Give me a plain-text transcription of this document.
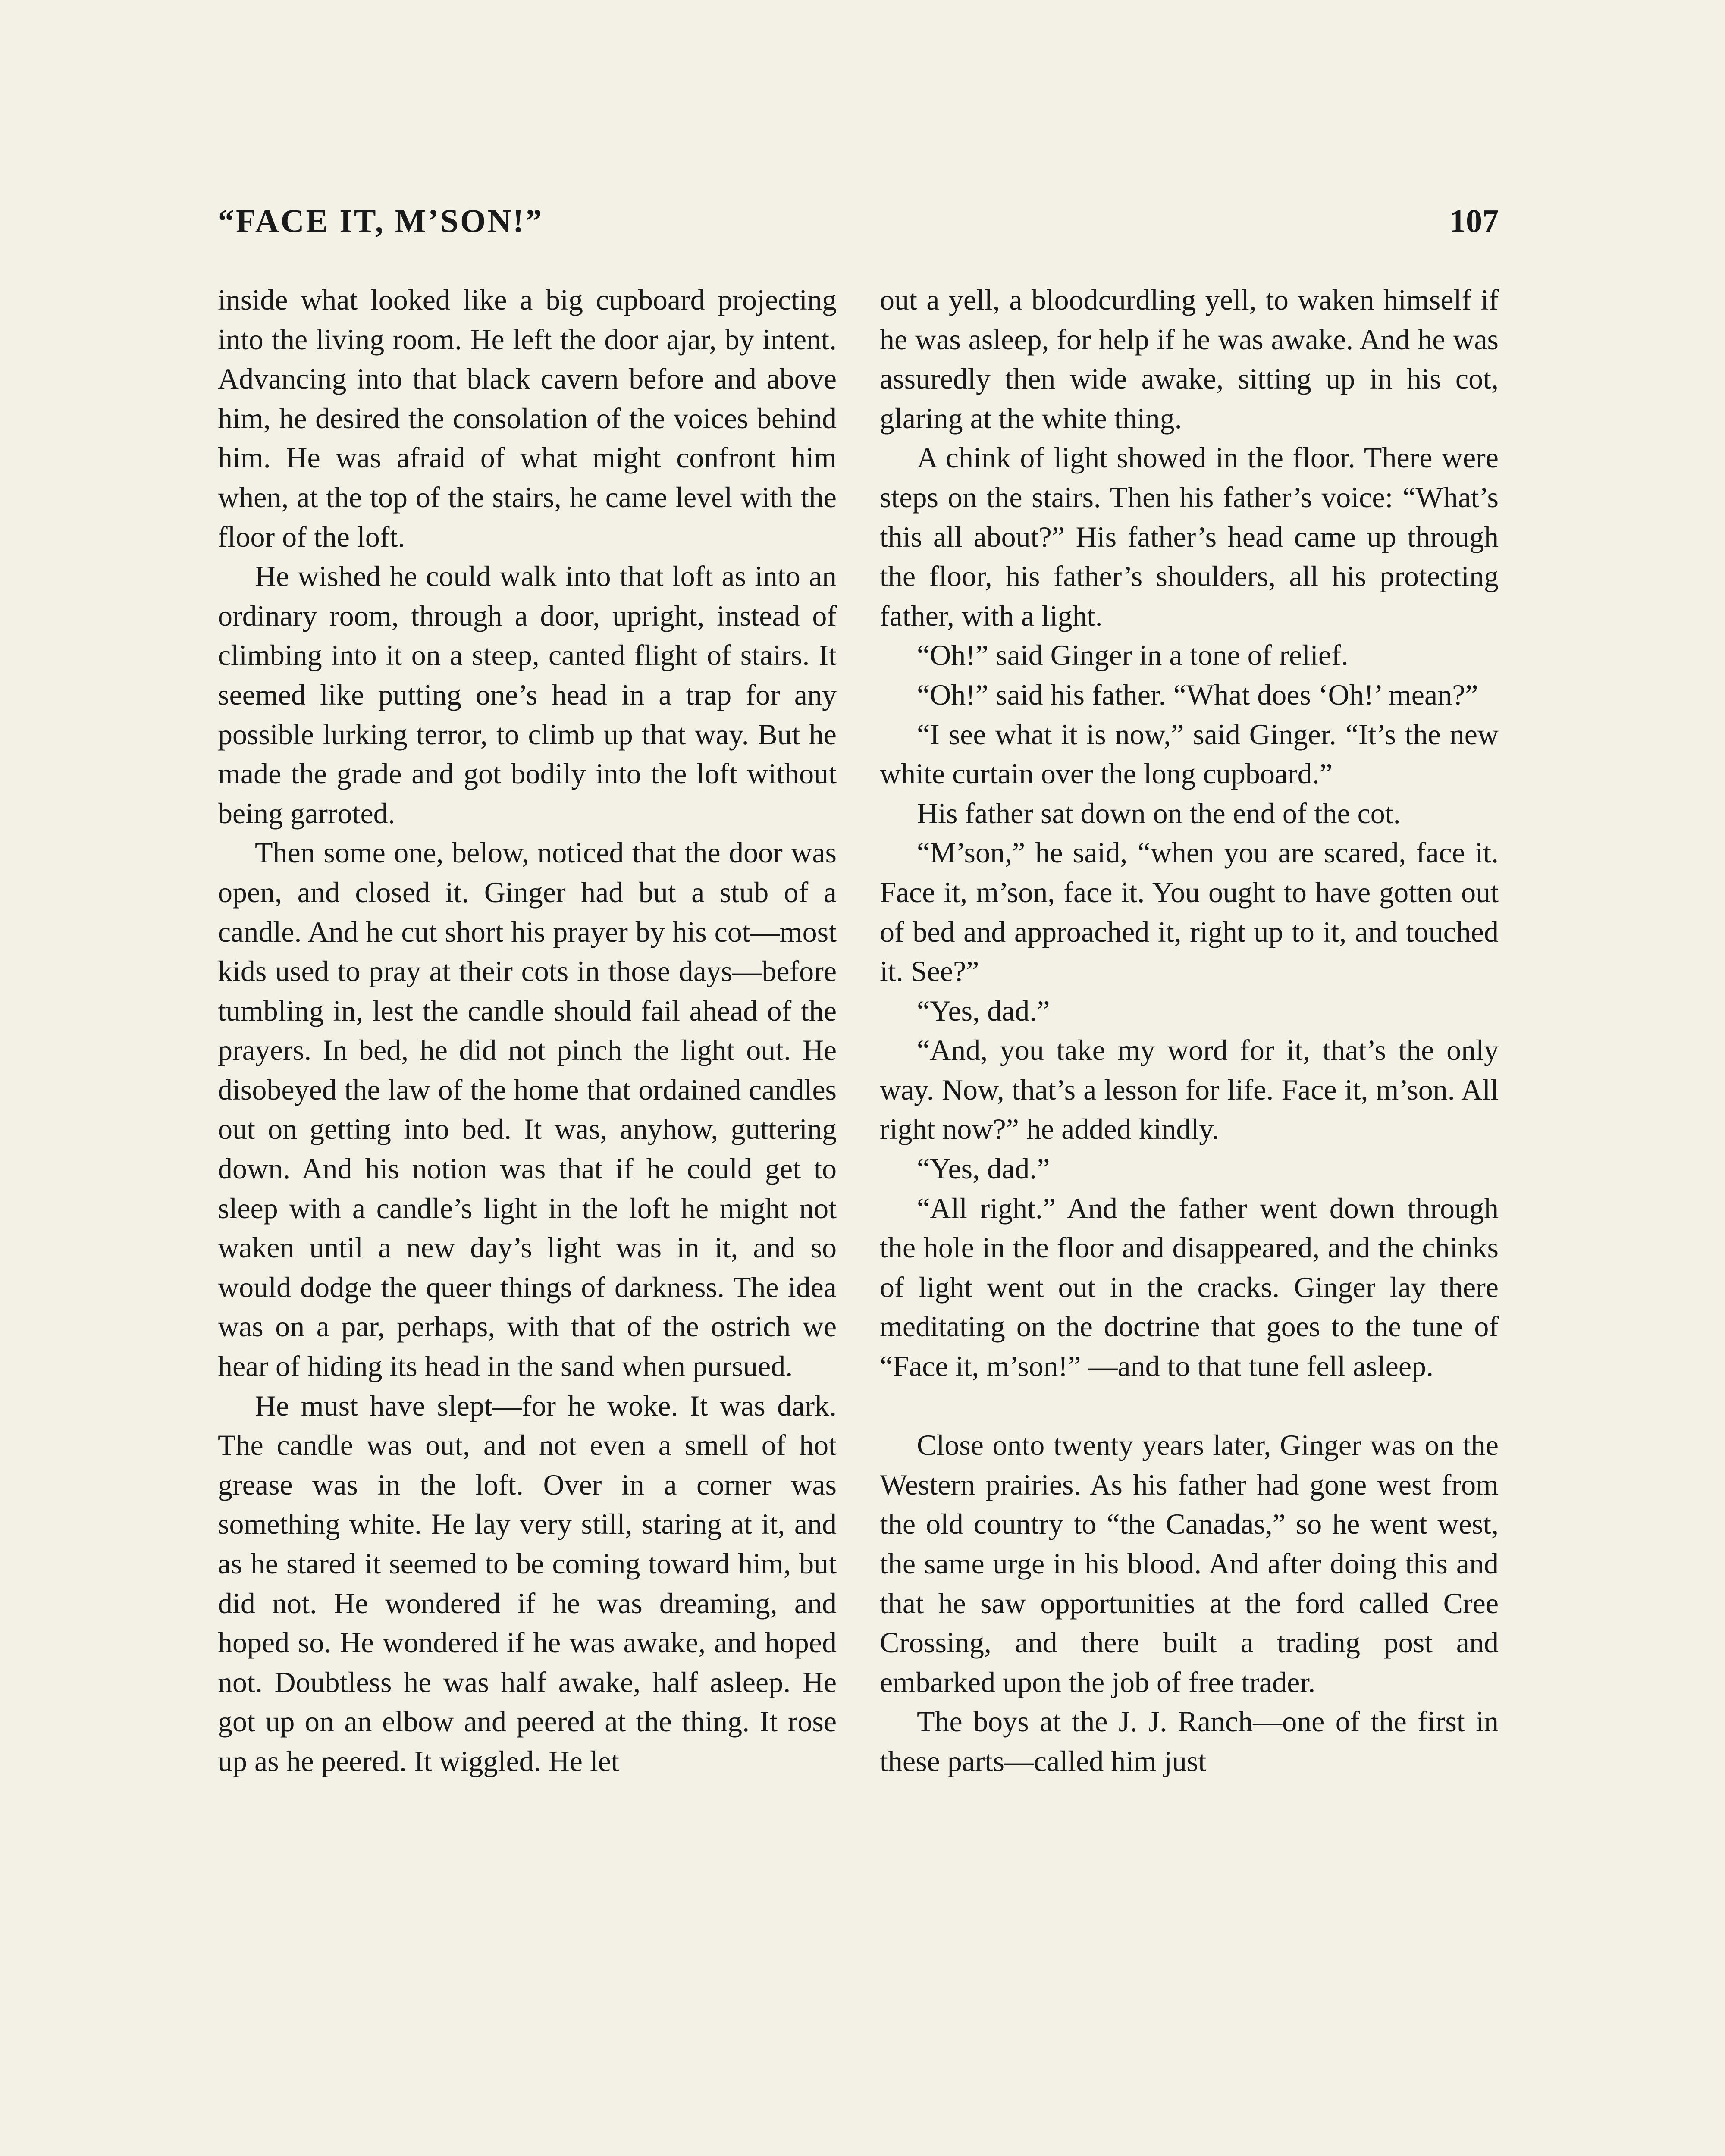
“FACE IT, M’SON!”	107

inside what looked like a big cupboard projecting into the living room. He left the door ajar, by intent. Advancing into that black cavern before and above him, he desired the consolation of the voices behind him. He was afraid of what might confront him when, at the top of the stairs, he came level with the floor of the loft.

He wished he could walk into that loft as into an ordinary room, through a door, upright, instead of climbing into it on a steep, canted flight of stairs. It seemed like putting one’s head in a trap for any possible lurking terror, to climb up that way. But he made the grade and got bodily into the loft without being garroted.

Then some one, below, noticed that the door was open, and closed it. Ginger had but a stub of a candle. And he cut short his prayer by his cot—most kids used to pray at their cots in those days—before tumbling in, lest the candle should fail ahead of the prayers. In bed, he did not pinch the light out. He disobeyed the law of the home that ordained candles out on getting into bed. It was, anyhow, guttering down. And his notion was that if he could get to sleep with a candle’s light in the loft he might not waken until a new day’s light was in it, and so would dodge the queer things of darkness. The idea was on a par, perhaps, with that of the ostrich we hear of hiding its head in the sand when pursued.

He must have slept—for he woke. It was dark. The candle was out, and not even a smell of hot grease was in the loft. Over in a corner was something white. He lay very still, staring at it, and as he stared it seemed to be coming toward him, but did not. He wondered if he was dreaming, and hoped so. He wondered if he was awake, and hoped not. Doubtless he was half awake, half asleep. He got up on an elbow and peered at the thing. It rose up as he peered. It wiggled. He let

out a yell, a bloodcurdling yell, to waken himself if he was asleep, for help if he was awake. And he was assuredly then wide awake, sitting up in his cot, glaring at the white thing.

A chink of light showed in the floor. There were steps on the stairs. Then his father’s voice: “What’s this all about?” His father’s head came up through the floor, his father’s shoulders, all his protecting father, with a light.

“Oh!” said Ginger in a tone of relief.

“Oh!” said his father. “What does ‘Oh!’ mean?”

“I see what it is now,” said Ginger. “It’s the new white curtain over the long cupboard.”

His father sat down on the end of the cot.

“M’son,” he said, “when you are scared, face it. Face it, m’son, face it. You ought to have gotten out of bed and approached it, right up to it, and touched it. See?”

“Yes, dad.”

“And, you take my word for it, that’s the only way. Now, that’s a lesson for life. Face it, m’son. All right now?” he added kindly.

“Yes, dad.”

“All right.” And the father went down through the hole in the floor and disappeared, and the chinks of light went out in the cracks. Ginger lay there meditating on the doctrine that goes to the tune of “Face it, m’son!” —and to that tune fell asleep.

Close onto twenty years later, Ginger was on the Western prairies. As his father had gone west from the old country to “the Canadas,” so he went west, the same urge in his blood. And after doing this and that he saw opportunities at the ford called Cree Crossing, and there built a trading post and embarked upon the job of free trader.

The boys at the J. J. Ranch—one of the first in these parts—called him just
